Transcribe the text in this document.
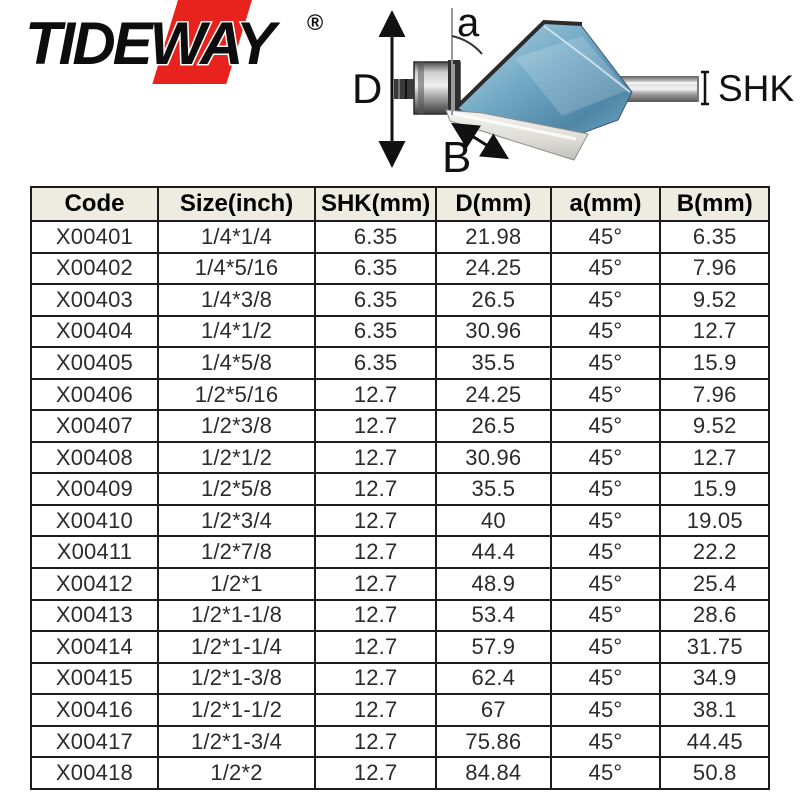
TIDEWAY ®
D
a
B
SHK
Code	Size(inch)	SHK(mm)	D(mm)	a(mm)	B(mm)
X00401	1/4*1/4	6.35	21.98	45°	6.35
X00402	1/4*5/16	6.35	24.25	45°	7.96
X00403	1/4*3/8	6.35	26.5	45°	9.52
X00404	1/4*1/2	6.35	30.96	45°	12.7
X00405	1/4*5/8	6.35	35.5	45°	15.9
X00406	1/2*5/16	12.7	24.25	45°	7.96
X00407	1/2*3/8	12.7	26.5	45°	9.52
X00408	1/2*1/2	12.7	30.96	45°	12.7
X00409	1/2*5/8	12.7	35.5	45°	15.9
X00410	1/2*3/4	12.7	40	45°	19.05
X00411	1/2*7/8	12.7	44.4	45°	22.2
X00412	1/2*1	12.7	48.9	45°	25.4
X00413	1/2*1-1/8	12.7	53.4	45°	28.6
X00414	1/2*1-1/4	12.7	57.9	45°	31.75
X00415	1/2*1-3/8	12.7	62.4	45°	34.9
X00416	1/2*1-1/2	12.7	67	45°	38.1
X00417	1/2*1-3/4	12.7	75.86	45°	44.45
X00418	1/2*2	12.7	84.84	45°	50.8
